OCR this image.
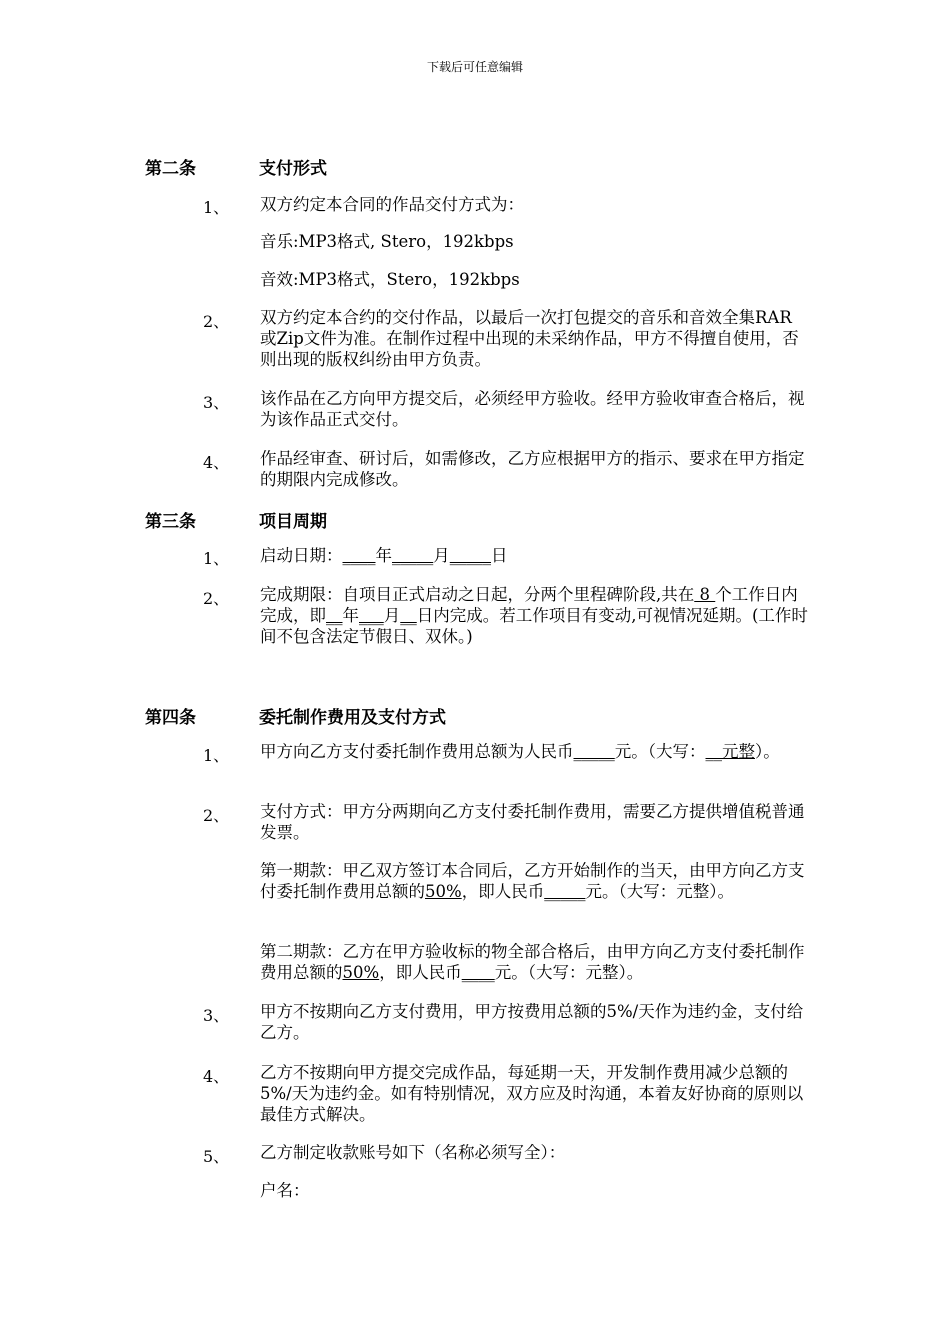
下载后可任意编辑
第二条	支付形式
1、 双方约定本合同的作品交付方式为：
音乐:MP3格式, Stero，192kbps
音效:MP3格式，Stero，192kbps
2、 双方约定本合约的交付作品，以最后一次打包提交的音乐和音效全集RAR或Zip文件为准。在制作过程中出现的未采纳作品，甲方不得擅自使用，否则出现的版权纠纷由甲方负责。
3、 该作品在乙方向甲方提交后，必须经甲方验收。经甲方验收审查合格后，视为该作品正式交付。
4、 作品经审查、研讨后，如需修改，乙方应根据甲方的指示、要求在甲方指定的期限内完成修改。
第三条	项目周期
1、 启动日期：____年_____月_____日
2、 完成期限：自项目正式启动之日起，分两个里程碑阶段,共在 8 个工作日内完成，即__年___月__日内完成。若工作项目有变动,可视情况延期。(工作时间不包含法定节假日、双休。)
第四条	委托制作费用及支付方式
1、 甲方向乙方支付委托制作费用总额为人民币_____元。（大写：__元整）。
2、 支付方式：甲方分两期向乙方支付委托制作费用，需要乙方提供增值税普通发票。
第一期款：甲乙双方签订本合同后，乙方开始制作的当天，由甲方向乙方支付委托制作费用总额的50%，即人民币_____元。（大写：元整）。
第二期款：乙方在甲方验收标的物全部合格后，由甲方向乙方支付委托制作费用总额的50%，即人民币____元。（大写：元整）。
3、 甲方不按期向乙方支付费用，甲方按费用总额的5%/天作为违约金，支付给乙方。
4、 乙方不按期向甲方提交完成作品，每延期一天，开发制作费用减少总额的5%/天为违约金。如有特别情况，双方应及时沟通，本着友好协商的原则以最佳方式解决。
5、 乙方制定收款账号如下（名称必须写全）：
户名：
